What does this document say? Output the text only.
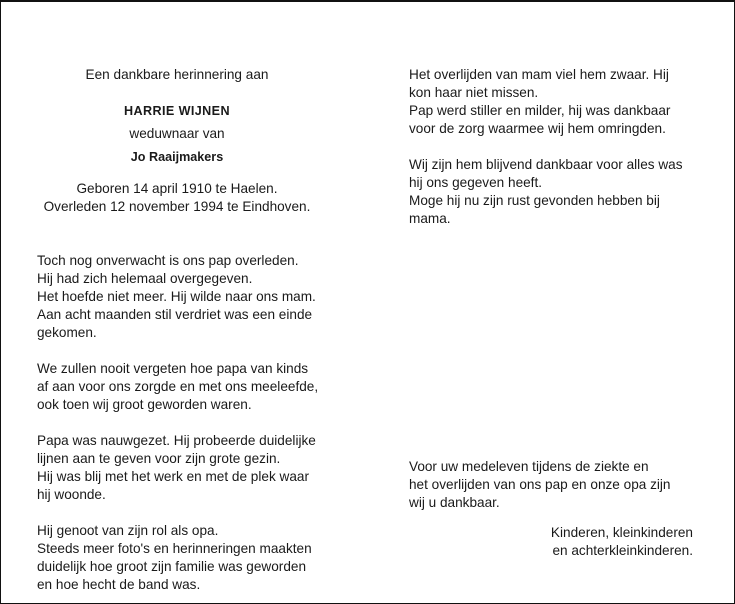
Een dankbare herinnering aan
HARRIE WIJNEN
weduwnaar van
Jo Raaijmakers
Geboren 14 april 1910 te Haelen.
Overleden 12 november 1994 te Eindhoven.
Toch nog onverwacht is ons pap overleden.
Hij had zich helemaal overgegeven.
Het hoefde niet meer. Hij wilde naar ons mam.
Aan acht maanden stil verdriet was een einde
gekomen.
We zullen nooit vergeten hoe papa van kinds
af aan voor ons zorgde en met ons meeleefde,
ook toen wij groot geworden waren.
Papa was nauwgezet. Hij probeerde duidelijke
lijnen aan te geven voor zijn grote gezin.
Hij was blij met het werk en met de plek waar
hij woonde.
Hij genoot van zijn rol als opa.
Steeds meer foto's en herinneringen maakten
duidelijk hoe groot zijn familie was geworden
en hoe hecht de band was.
Het overlijden van mam viel hem zwaar. Hij
kon haar niet missen.
Pap werd stiller en milder, hij was dankbaar
voor de zorg waarmee wij hem omringden.
Wij zijn hem blijvend dankbaar voor alles was
hij ons gegeven heeft.
Moge hij nu zijn rust gevonden hebben bij
mama.
Voor uw medeleven tijdens de ziekte en
het overlijden van ons pap en onze opa zijn
wij u dankbaar.
Kinderen, kleinkinderen
en achterkleinkinderen.
